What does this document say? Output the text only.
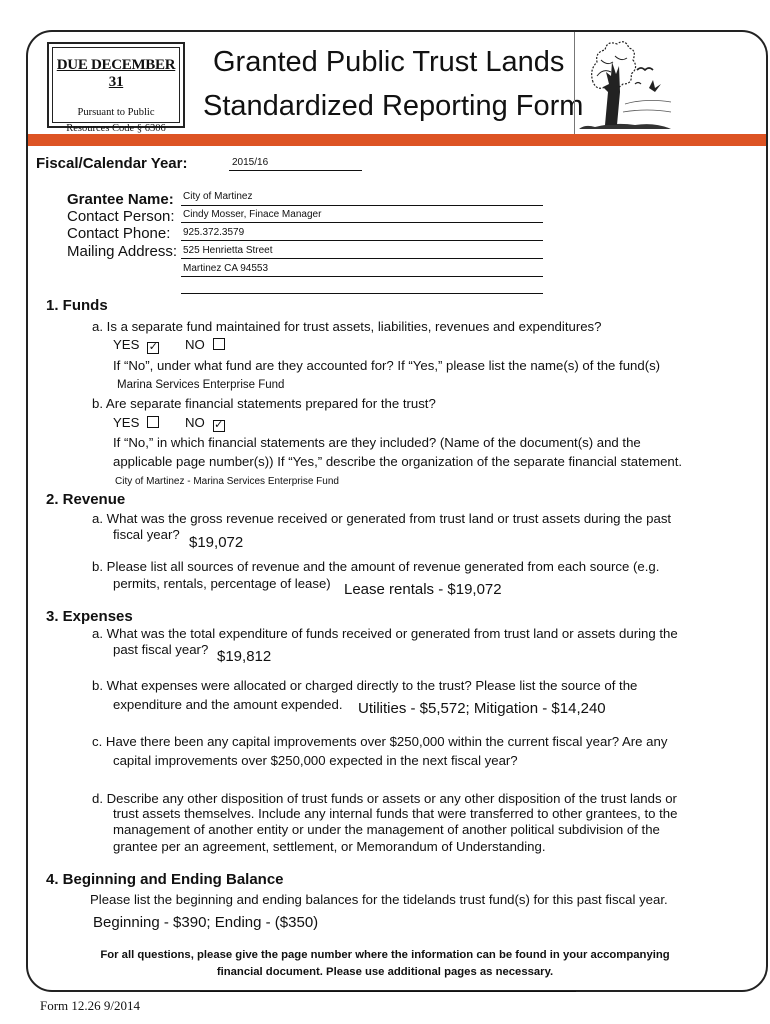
DUE DECEMBER 31
Pursuant to Public
Resources Code § 6306
Granted Public Trust Lands
Standardized Reporting Form
Fiscal/Calendar Year:	2015/16
Grantee Name: City of Martinez
Contact Person: Cindy Mosser, Finace Manager
Contact Phone: 925.372.3579
Mailing Address: 525 Henrietta Street
Martinez CA 94553
1. Funds
a. Is a separate fund maintained for trust assets, liabilities, revenues and expenditures?
YES ✓ NO
If “No”, under what fund are they accounted for? If “Yes,” please list the name(s) of the fund(s)
Marina Services Enterprise Fund
b. Are separate financial statements prepared for the trust?
YES	NO ✓
If “No,” in which financial statements are they included? (Name of the document(s) and the
applicable page number(s)) If “Yes,” describe the organization of the separate financial statement.
City of Martinez - Marina Services Enterprise Fund
2. Revenue
a. What was the gross revenue received or generated from trust land or trust assets during the past
fiscal year? $19,072
b. Please list all sources of revenue and the amount of revenue generated from each source (e.g.
permits, rentals, percentage of lease) Lease rentals - $19,072
3. Expenses
a. What was the total expenditure of funds received or generated from trust land or assets during the
past fiscal year? $19,812
b. What expenses were allocated or charged directly to the trust? Please list the source of the
expenditure and the amount expended. Utilities - $5,572; Mitigation - $14,240
c. Have there been any capital improvements over $250,000 within the current fiscal year? Are any
capital improvements over $250,000 expected in the next fiscal year?
d. Describe any other disposition of trust funds or assets or any other disposition of the trust lands or
trust assets themselves. Include any internal funds that were transferred to other grantees, to the
management of another entity or under the management of another political subdivision of the
grantee per an agreement, settlement, or Memorandum of Understanding.
4. Beginning and Ending Balance
Please list the beginning and ending balances for the tidelands trust fund(s) for this past fiscal year.
Beginning - $390; Ending - ($350)
For all questions, please give the page number where the information can be found in your accompanying
financial document. Please use additional pages as necessary.
Form 12.26 9/2014
